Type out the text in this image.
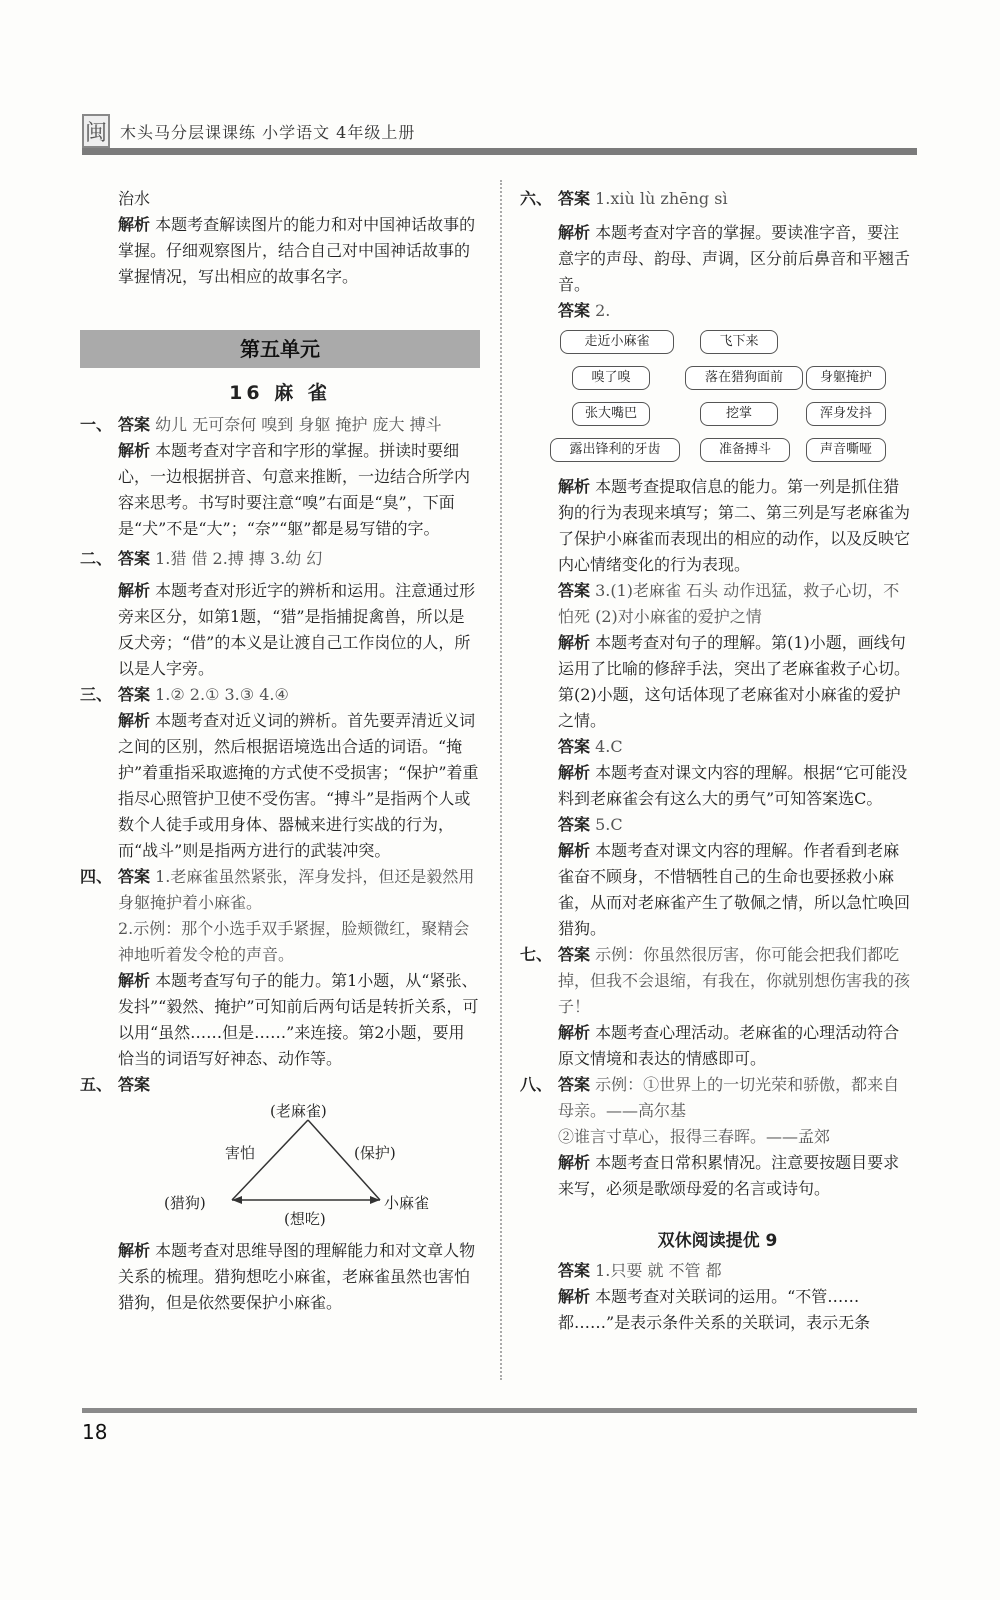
闽 木头马分层课课练 小学语文 4年级上册

治水

解析 本题考查解读图片的能力和对中国神话故事的掌握。仔细观察图片，结合自己对中国神话故事的掌握情况，写出相应的故事名字。

第五单元
16 麻 雀

一、 答案 幼儿 无可奈何 嗅到 身躯 掩护 庞大 搏斗

解析 本题考查对字音和字形的掌握。拼读时要细心，一边根据拼音、句意来推断，一边结合所学内容来思考。书写时要注意“嗅”右面是“臭”，下面是“犬”不是“大”；“奈”“躯”都是易写错的字。

二、 答案 1.猎 借 2.搏 摶 3.幼 幻

解析 本题考查对形近字的辨析和运用。注意通过形旁来区分，如第1题，“猎”是指捕捉禽兽，所以是反犬旁；“借”的本义是让渡自己工作岗位的人，所以是人字旁。

三、 答案 1.② 2.① 3.③ 4.④

解析 本题考查对近义词的辨析。首先要弄清近义词之间的区别，然后根据语境选出合适的词语。“掩护”着重指采取遮掩的方式使不受损害；“保护”着重指尽心照管护卫使不受伤害。“搏斗”是指两个人或数个人徒手或用身体、器械来进行实战的行为，而“战斗”则是指两方进行的武装冲突。

四、 答案 1.老麻雀虽然紧张，浑身发抖，但还是毅然用身躯掩护着小麻雀。

2.示例：那个小选手双手紧握，脸颊微红，聚精会神地听着发令枪的声音。

解析 本题考查写句子的能力。第1小题，从“紧张、发抖”“毅然、掩护”可知前后两句话是转折关系，可以用“虽然……但是……”来连接。第2小题，要用恰当的词语写好神态、动作等。

五、 答案

(老麻雀)
害怕	(保护)
(猎狗)	小麻雀
(想吃)

解析 本题考查对思维导图的理解能力和对文章人物关系的梳理。猎狗想吃小麻雀，老麻雀虽然也害怕猎狗，但是依然要保护小麻雀。

六、 答案 1.xiù lù zhēng sì

解析 本题考查对字音的掌握。要读准字音，要注意字的声母、韵母、声调，区分前后鼻音和平翘舌音。

答案 2.

走近小麻雀	飞下来
嗅了嗅	落在猎狗面前	身躯掩护
张大嘴巴	挖掌	浑身发抖
露出锋利的牙齿	准备搏斗	声音嘶哑

解析 本题考查提取信息的能力。第一列是抓住猎狗的行为表现来填写；第二、第三列是写老麻雀为了保护小麻雀而表现出的相应的动作，以及反映它内心情绪变化的行为表现。

答案 3.(1)老麻雀 石头 动作迅猛，救子心切，不怕死 (2)对小麻雀的爱护之情

解析 本题考查对句子的理解。第(1)小题，画线句运用了比喻的修辞手法，突出了老麻雀救子心切。第(2)小题，这句话体现了老麻雀对小麻雀的爱护之情。

答案 4.C

解析 本题考查对课文内容的理解。根据“它可能没料到老麻雀会有这么大的勇气”可知答案选C。

答案 5.C

解析 本题考查对课文内容的理解。作者看到老麻雀奋不顾身，不惜牺牲自己的生命也要拯救小麻雀，从而对老麻雀产生了敬佩之情，所以急忙唤回猎狗。

七、 答案 示例：你虽然很厉害，你可能会把我们都吃掉，但我不会退缩，有我在，你就别想伤害我的孩子！

解析 本题考查心理活动。老麻雀的心理活动符合原文情境和表达的情感即可。

八、 答案 示例：①世界上的一切光荣和骄傲，都来自母亲。——高尔基

②谁言寸草心，报得三春晖。——孟郊

解析 本题考查日常积累情况。注意要按题目要求来写，必须是歌颂母爱的名言或诗句。

双休阅读提优 9

答案 1.只要 就 不管 都

解析 本题考查对关联词的运用。“不管……都……”是表示条件关系的关联词，表示无条

18
